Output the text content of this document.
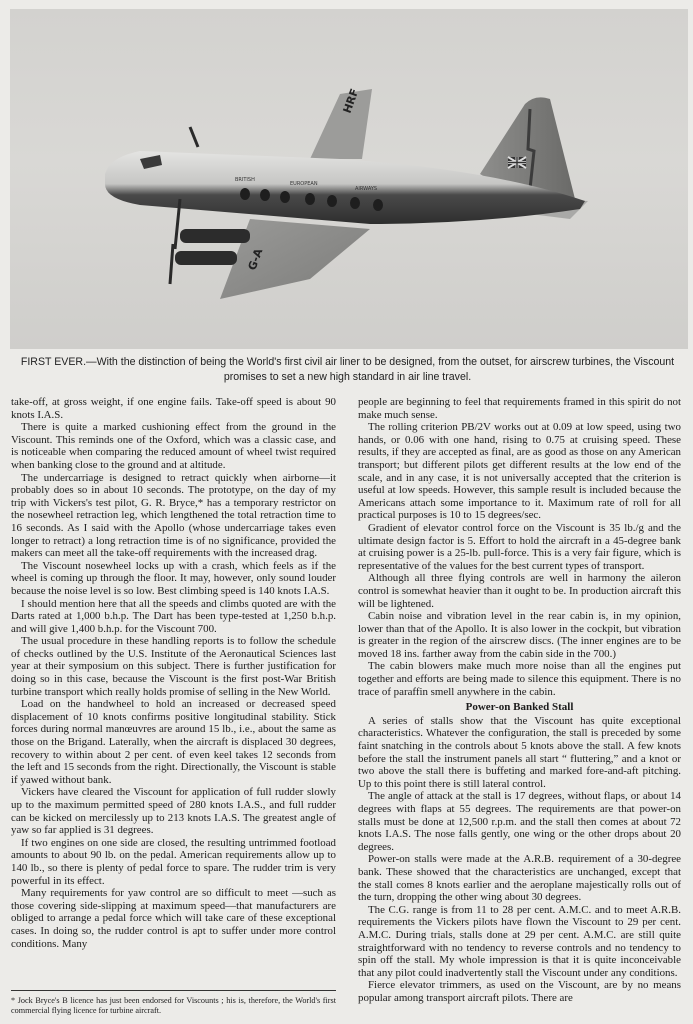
HRF
G-A
BRITISH
EUROPEAN
AIRWAYS
FIRST EVER.—With the distinction of being the World's first civil air liner to be designed, from the outset, for airscrew turbines, the Viscount promises to set a new high standard in air line travel.

take-off, at gross weight, if one engine fails. Take-off speed is about 90 knots I.A.S.

There is quite a marked cushioning effect from the ground in the Viscount. This reminds one of the Oxford, which was a classic case, and is noticeable when comparing the reduced amount of wheel twist required when banking close to the ground and at altitude.

The undercarriage is designed to retract quickly when airborne—it probably does so in about 10 seconds. The prototype, on the day of my trip with Vickers's test pilot, G. R. Bryce,* has a temporary restrictor on the nosewheel retraction leg, which lengthened the total retraction time to 16 seconds. As I said with the Apollo (whose undercarriage takes even longer to retract) a long retraction time is of no significance, provided the makers can meet all the take-off requirements with the increased drag.

The Viscount nosewheel locks up with a crash, which feels as if the wheel is coming up through the floor. It may, however, only sound louder because the noise level is so low. Best climbing speed is 140 knots I.A.S.

I should mention here that all the speeds and climbs quoted are with the Darts rated at 1,000 b.h.p. The Dart has been type-tested at 1,250 b.h.p. and will give 1,400 b.h.p. for the Viscount 700.

The usual procedure in these handling reports is to follow the schedule of checks outlined by the U.S. Institute of the Aeronautical Sciences last year at their symposium on this subject. There is further justification for doing so in this case, because the Viscount is the first post-War British turbine transport which really holds promise of selling in the New World.

Load on the handwheel to hold an increased or decreased speed displacement of 10 knots confirms positive longitudinal stability. Stick forces during normal manœuvres are around 15 lb., i.e., about the same as those on the Brigand. Laterally, when the aircraft is displaced 30 degrees, recovery to within about 2 per cent. of even keel takes 12 seconds from the left and 15 seconds from the right. Directionally, the Viscount is stable if yawed without bank.

Vickers have cleared the Viscount for application of full rudder slowly up to the maximum permitted speed of 280 knots I.A.S., and full rudder can be kicked on mercilessly up to 213 knots I.A.S. The greatest angle of yaw so far applied is 31 degrees.

If two engines on one side are closed, the resulting untrimmed footload amounts to about 90 lb. on the pedal. American requirements allow up to 140 lb., so there is plenty of pedal force to spare. The rudder trim is very powerful in its effect.

Many requirements for yaw control are so difficult to meet —such as those covering side-slipping at maximum speed—that manufacturers are obliged to arrange a pedal force which will take care of these exceptional cases. In doing so, the rudder control is apt to suffer under more control conditions. Many

* Jock Bryce's B licence has just been endorsed for Viscounts ; his is, therefore, the World's first commercial flying licence for turbine aircraft.

people are beginning to feel that requirements framed in this spirit do not make much sense.

The rolling criterion PB/2V works out at 0.09 at low speed, using two hands, or 0.06 with one hand, rising to 0.75 at cruising speed. These results, if they are accepted as final, are as good as those on any American transport; but different pilots get different results at the low end of the scale, and in any case, it is not universally accepted that the criterion is useful at low speeds. However, this sample result is included because the Americans attach some importance to it. Maximum rate of roll for all practical purposes is 10 to 15 degrees/sec.

Gradient of elevator control force on the Viscount is 35 lb./g and the ultimate design factor is 5. Effort to hold the aircraft in a 45-degree bank at cruising power is a 25-lb. pull-force. This is a very fair figure, which is representative of the values for the best current types of transport.

Although all three flying controls are well in harmony the aileron control is somewhat heavier than it ought to be. In production aircraft this will be lightened.

Cabin noise and vibration level in the rear cabin is, in my opinion, lower than that of the Apollo. It is also lower in the cockpit, but vibration is greater in the region of the airscrew discs. (The inner engines are to be moved 18 ins. farther away from the cabin side in the 700.)

The cabin blowers make much more noise than all the engines put together and efforts are being made to silence this equipment. There is no trace of paraffin smell anywhere in the cabin.

Power-on Banked Stall

A series of stalls show that the Viscount has quite exceptional characteristics. Whatever the configuration, the stall is preceded by some faint snatching in the controls about 5 knots above the stall. A few knots before the stall the instrument panels all start “ fluttering,” and a knot or two above the stall there is buffeting and marked fore-and-aft pitching. Up to this point there is still lateral control.

The angle of attack at the stall is 17 degrees, without flaps, or about 14 degrees with flaps at 55 degrees. The requirements are that power-on stalls must be done at 12,500 r.p.m. and the stall then comes at about 72 knots I.A.S. The nose falls gently, one wing or the other drops about 20 degrees.

Power-on stalls were made at the A.R.B. requirement of a 30-degree bank. These showed that the characteristics are unchanged, except that the stall comes 8 knots earlier and the aeroplane majestically rolls out of the turn, dropping the other wing about 30 degrees.

The C.G. range is from 11 to 28 per cent. A.M.C. and to meet A.R.B. requirements the Vickers pilots have flown the Viscount to 29 per cent. A.M.C. During trials, stalls done at 29 per cent. A.M.C. are still quite straightforward with no tendency to reverse controls and no tendency to spin off the stall. My whole impression is that it is quite inconceivable that any pilot could inadvertently stall the Viscount under any conditions.

Fierce elevator trimmers, as used on the Viscount, are by no means popular among transport aircraft pilots. There are
